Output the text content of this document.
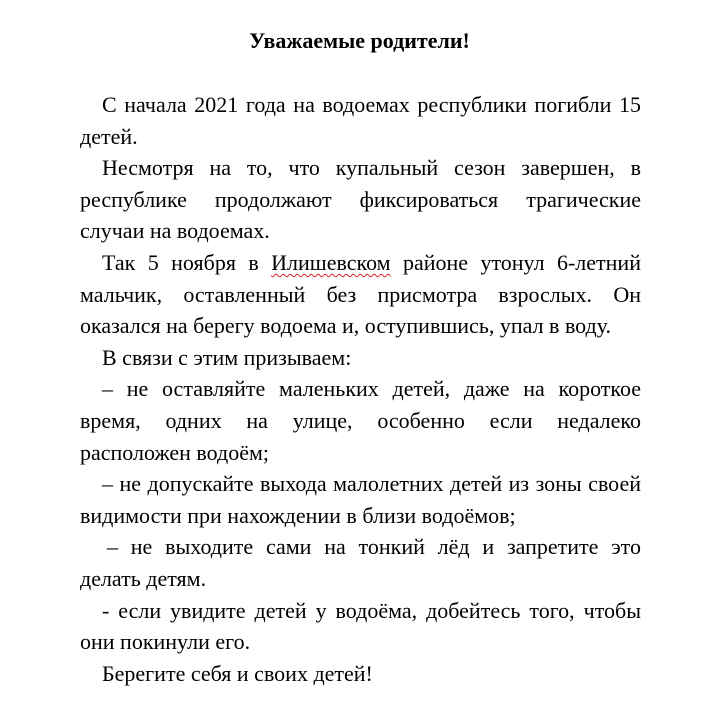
Уважаемые родители!

С начала 2021 года на водоемах республики погибли 15 детей.

Несмотря на то, что купальный сезон завершен, в республике продолжают фиксироваться трагические случаи на водоемах.

Так 5 ноября в Илишевском районе утонул 6-летний мальчик, оставленный без присмотра взрослых. Он оказался на берегу водоема и, оступившись, упал в воду.

В связи с этим призываем:

– не оставляйте маленьких детей, даже на короткое время, одних на улице, особенно если недалеко расположен водоём;

– не допускайте выхода малолетних детей из зоны своей видимости при нахождении в близи водоёмов;

– не выходите сами на тонкий лёд и запретите это делать детям.

- если увидите детей у водоёма, добейтесь того, чтобы они покинули его.

Берегите себя и своих детей!
